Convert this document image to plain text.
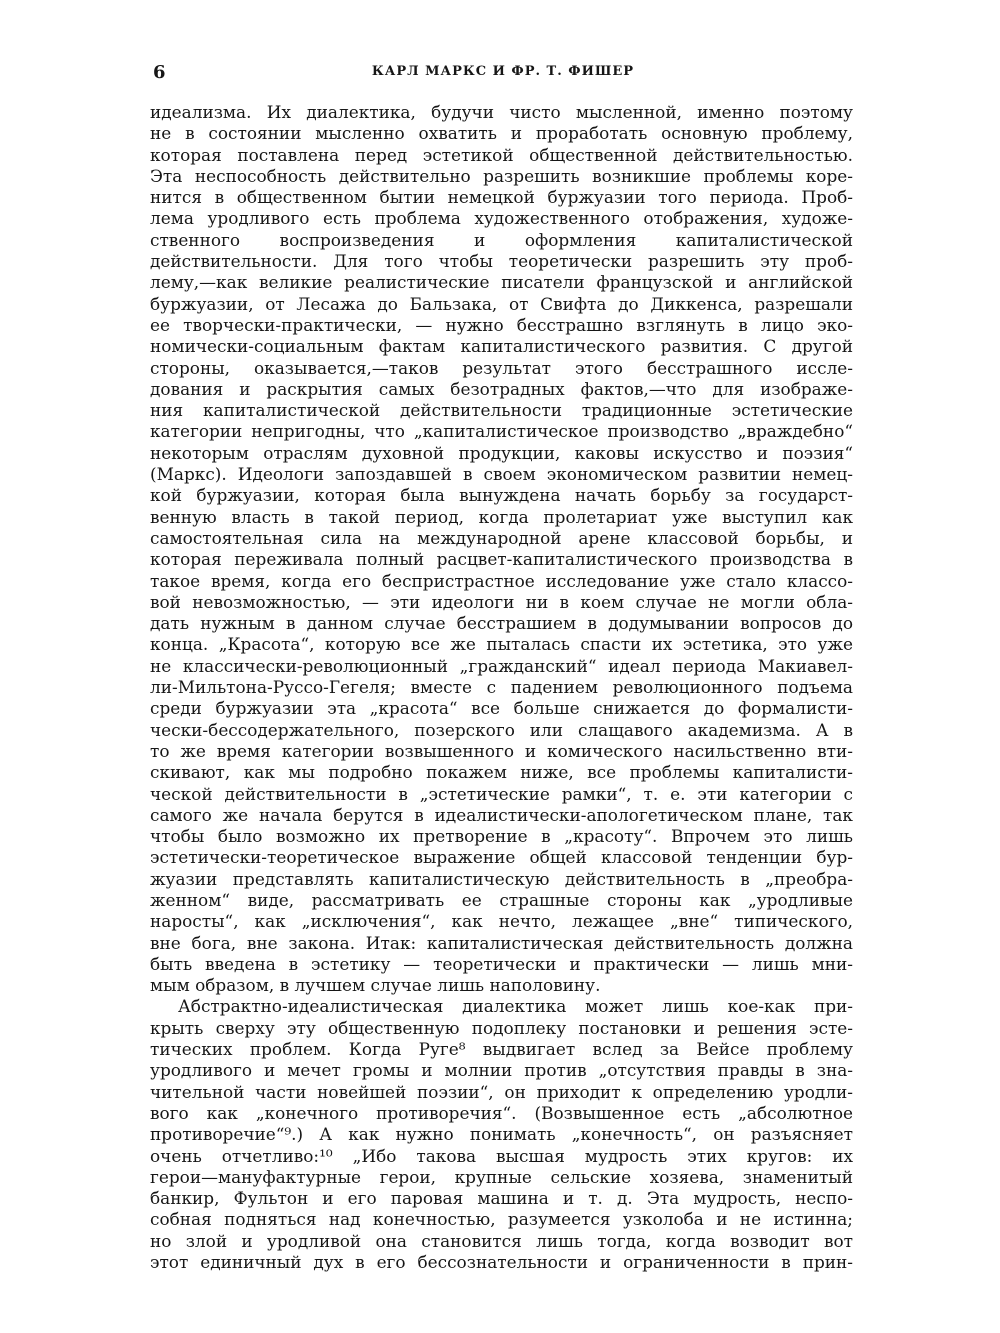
6	КАРЛ МАРКС И ФР. Т. ФИШЕР
идеализма. Их диалектика, будучи чисто мысленной, именно поэтому
не в состоянии мысленно охватить и проработать основную проблему,
которая поставлена перед эстетикой общественной действительностью.
Эта неспособность действительно разрешить возникшие проблемы коре-
нится в общественном бытии немецкой буржуазии того периода. Проб-
лема уродливого есть проблема художественного отображения, художе-
ственного воспроизведения и оформления капиталистической
действительности. Для того чтобы теоретически разрешить эту проб-
лему,—как великие реалистические писатели французской и английской
буржуазии, от Лесажа до Бальзака, от Свифта до Диккенса, разрешали
ее творчески-практически, — нужно бесстрашно взглянуть в лицо эко-
номически-социальным фактам капиталистического развития. С другой
стороны, оказывается,—таков результат этого бесстрашного иссле-
дования и раскрытия самых безотрадных фактов,—что для изображе-
ния капиталистической действительности традиционные эстетические
категории непригодны, что „капиталистическое производство „враждебно“
некоторым отраслям духовной продукции, каковы искусство и поэзия“
(Маркс). Идеологи запоздавшей в своем экономическом развитии немец-
кой буржуазии, которая была вынуждена начать борьбу за государст-
венную власть в такой период, когда пролетариат уже выступил как
самостоятельная сила на международной арене классовой борьбы, и
которая переживала полный расцвет-капиталистического производства в
такое время, когда его беспристрастное исследование уже стало классо-
вой невозможностью, — эти идеологи ни в коем случае не могли обла-
дать нужным в данном случае бесстрашием в додумывании вопросов до
конца. „Красота“, которую все же пыталась спасти их эстетика, это уже
не классически-революционный „гражданский“ идеал периода Макиавел-
ли-Мильтона-Руссо-Гегеля; вместе с падением революционного подъема
среди буржуазии эта „красота“ все больше снижается до формалисти-
чески-бессодержательного, позерского или слащавого академизма. А в
то же время категории возвышенного и комического насильственно вти-
скивают, как мы подробно покажем ниже, все проблемы капиталисти-
ческой действительности в „эстетические рамки“, т. е. эти категории с
самого же начала берутся в идеалистически-апологетическом плане, так
чтобы было возможно их претворение в „красоту“. Впрочем это лишь
эстетически-теоретическое выражение общей классовой тенденции бур-
жуазии представлять капиталистическую действительность в „преобра-
женном“ виде, рассматривать ее страшные стороны как „уродливые
наросты“, как „исключения“, как нечто, лежащее „вне“ типического,
вне бога, вне закона. Итак: капиталистическая действительность должна
быть введена в эстетику — теоретически и практически — лишь мни-
мым образом, в лучшем случае лишь наполовину.
Абстрактно-идеалистическая диалектика может лишь кое-как при-
крыть сверху эту общественную подоплеку постановки и решения эсте-
тических проблем. Когда Руге⁸ выдвигает вслед за Вейсе проблему
уродливого и мечет громы и молнии против „отсутствия правды в зна-
чительной части новейшей поэзии“, он приходит к определению уродли-
вого как „конечного противоречия“. (Возвышенное есть „абсолютное
противоречие“⁹.) А как нужно понимать „конечность“, он разъясняет
очень отчетливо:¹⁰ „Ибо такова высшая мудрость этих кругов: их
герои—мануфактурные герои, крупные сельские хозяева, знаменитый
банкир, Фультон и его паровая машина и т. д. Эта мудрость, неспо-
собная подняться над конечностью, разумеется узколоба и не истинна;
но злой и уродливой она становится лишь тогда, когда возводит вот
этот единичный дух в его бессознательности и ограниченности в прин-
